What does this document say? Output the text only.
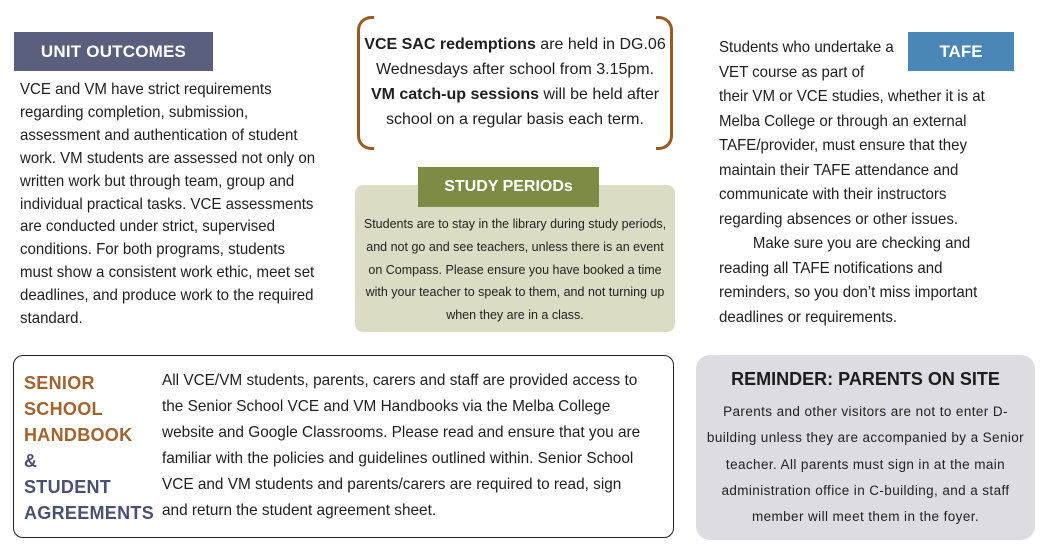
UNIT OUTCOMES

VCE and VM have strict requirements regarding completion, submission, assessment and authentication of student work. VM students are assessed not only on written work but through team, group and individual practical tasks. VCE assessments are conducted under strict, supervised conditions. For both programs, students must show a consistent work ethic, meet set deadlines, and produce work to the required standard.

VCE SAC redemptions are held in DG.06 Wednesdays after school from 3.15pm. VM catch-up sessions will be held after school on a regular basis each term.

STUDY PERIODs

Students are to stay in the library during study periods, and not go and see teachers, unless there is an event on Compass. Please ensure you have booked a time with your teacher to speak to them, and not turning up when they are in a class.

TAFE

Students who undertake a VET course as part of
their VM or VCE studies, whether it is at Melba College or through an external TAFE/provider, must ensure that they maintain their TAFE attendance and communicate with their instructors regarding absences or other issues.
Make sure you are checking and reading all TAFE notifications and reminders, so you don’t miss important deadlines or requirements.

SENIOR
SCHOOL
HANDBOOK
&
STUDENT
AGREEMENTS

All VCE/VM students, parents, carers and staff are provided access to the Senior School VCE and VM Handbooks via the Melba College website and Google Classrooms. Please read and ensure that you are familiar with the policies and guidelines outlined within. Senior School VCE and VM students and parents/carers are required to read, sign and return the student agreement sheet.

REMINDER: PARENTS ON SITE

Parents and other visitors are not to enter D-building unless they are accompanied by a Senior teacher. All parents must sign in at the main administration office in C-building, and a staff member will meet them in the foyer.
